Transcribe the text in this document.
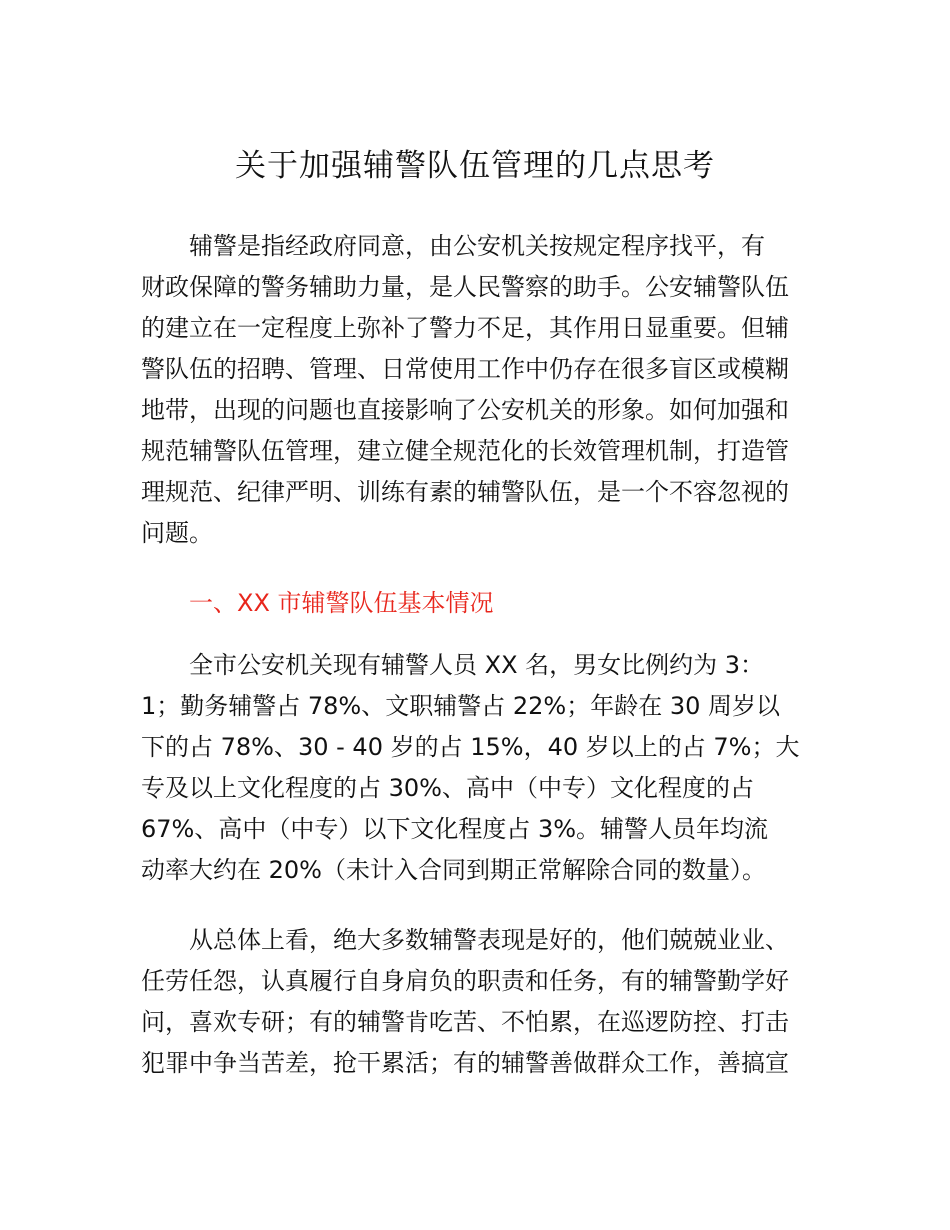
关于加强辅警队伍管理的几点思考
辅警是指经政府同意，由公安机关按规定程序找平，有
财政保障的警务辅助力量，是人民警察的助手。公安辅警队伍
的建立在一定程度上弥补了警力不足，其作用日显重要。但辅
警队伍的招聘、管理、日常使用工作中仍存在很多盲区或模糊
地带，出现的问题也直接影响了公安机关的形象。如何加强和
规范辅警队伍管理，建立健全规范化的长效管理机制，打造管
理规范、纪律严明、训练有素的辅警队伍，是一个不容忽视的
问题。
一、XX 市辅警队伍基本情况
全市公安机关现有辅警人员 XX 名，男女比例约为 3：
1；勤务辅警占 78%、文职辅警占 22%；年龄在 30 周岁以
下的占 78%、30 - 40 岁的占 15%，40 岁以上的占 7%；大
专及以上文化程度的占 30%、高中（中专）文化程度的占
67%、高中（中专）以下文化程度占 3%。辅警人员年均流
动率大约在 20%（未计入合同到期正常解除合同的数量）。
从总体上看，绝大多数辅警表现是好的，他们兢兢业业、
任劳任怨，认真履行自身肩负的职责和任务，有的辅警勤学好
问，喜欢专研；有的辅警肯吃苦、不怕累，在巡逻防控、打击
犯罪中争当苦差，抢干累活；有的辅警善做群众工作，善搞宣
